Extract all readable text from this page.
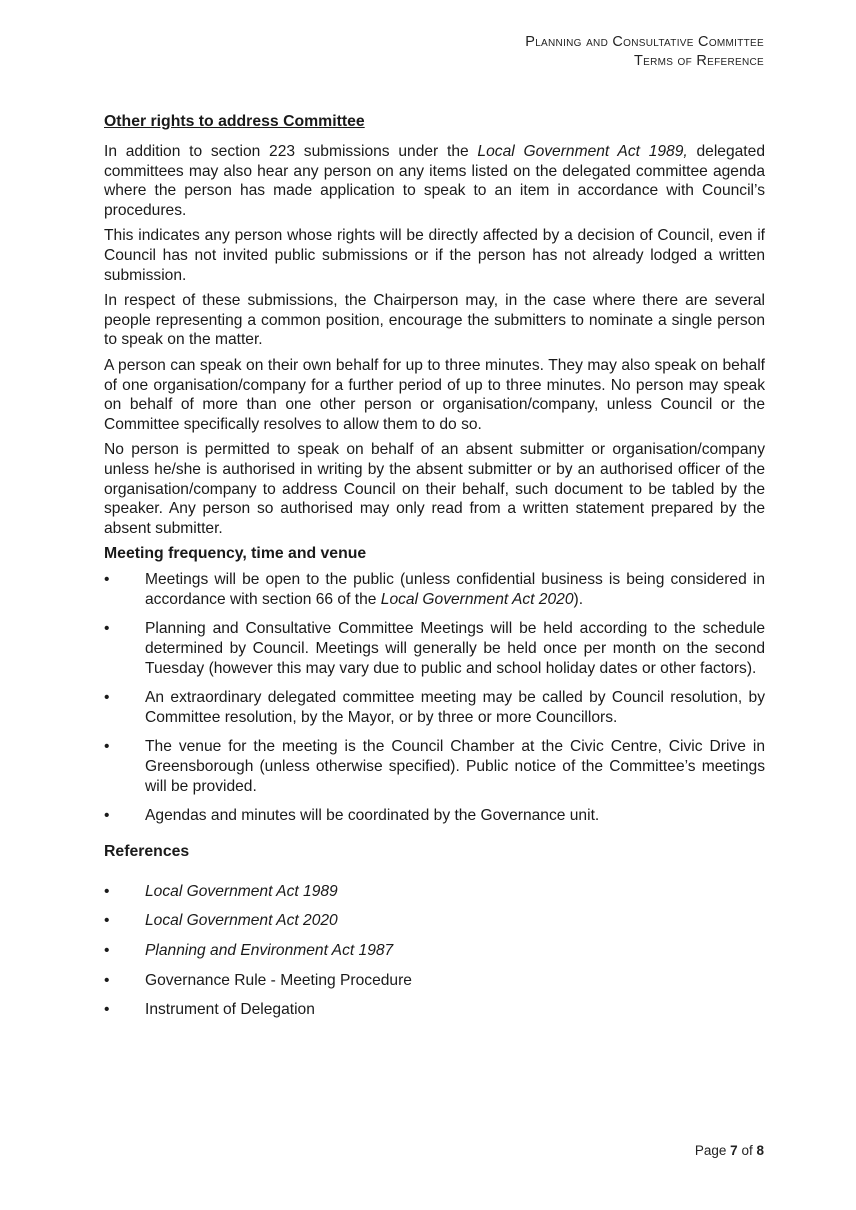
Planning and Consultative Committee
Terms of Reference
Other rights to address Committee

In addition to section 223 submissions under the Local Government Act 1989, delegated committees may also hear any person on any items listed on the delegated committee agenda where the person has made application to speak to an item in accordance with Council’s procedures.

This indicates any person whose rights will be directly affected by a decision of Council, even if Council has not invited public submissions or if the person has not already lodged a written submission.

In respect of these submissions, the Chairperson may, in the case where there are several people representing a common position, encourage the submitters to nominate a single person to speak on the matter.

A person can speak on their own behalf for up to three minutes. They may also speak on behalf of one organisation/company for a further period of up to three minutes. No person may speak on behalf of more than one other person or organisation/company, unless Council or the Committee specifically resolves to allow them to do so.

No person is permitted to speak on behalf of an absent submitter or organisation/company unless he/she is authorised in writing by the absent submitter or by an authorised officer of the organisation/company to address Council on their behalf, such document to be tabled by the speaker. Any person so authorised may only read from a written statement prepared by the absent submitter.

Meeting frequency, time and venue
•	Meetings will be open to the public (unless confidential business is being considered in accordance with section 66 of the Local Government Act 2020).
•	Planning and Consultative Committee Meetings will be held according to the schedule determined by Council. Meetings will generally be held once per month on the second Tuesday (however this may vary due to public and school holiday dates or other factors).
•	An extraordinary delegated committee meeting may be called by Council resolution, by Committee resolution, by the Mayor, or by three or more Councillors.
•	The venue for the meeting is the Council Chamber at the Civic Centre, Civic Drive in Greensborough (unless otherwise specified). Public notice of the Committee’s meetings will be provided.
•	Agendas and minutes will be coordinated by the Governance unit.
References
•	Local Government Act 1989
•	Local Government Act 2020
•	Planning and Environment Act 1987
•	Governance Rule - Meeting Procedure
•	Instrument of Delegation
Page 7 of 8
